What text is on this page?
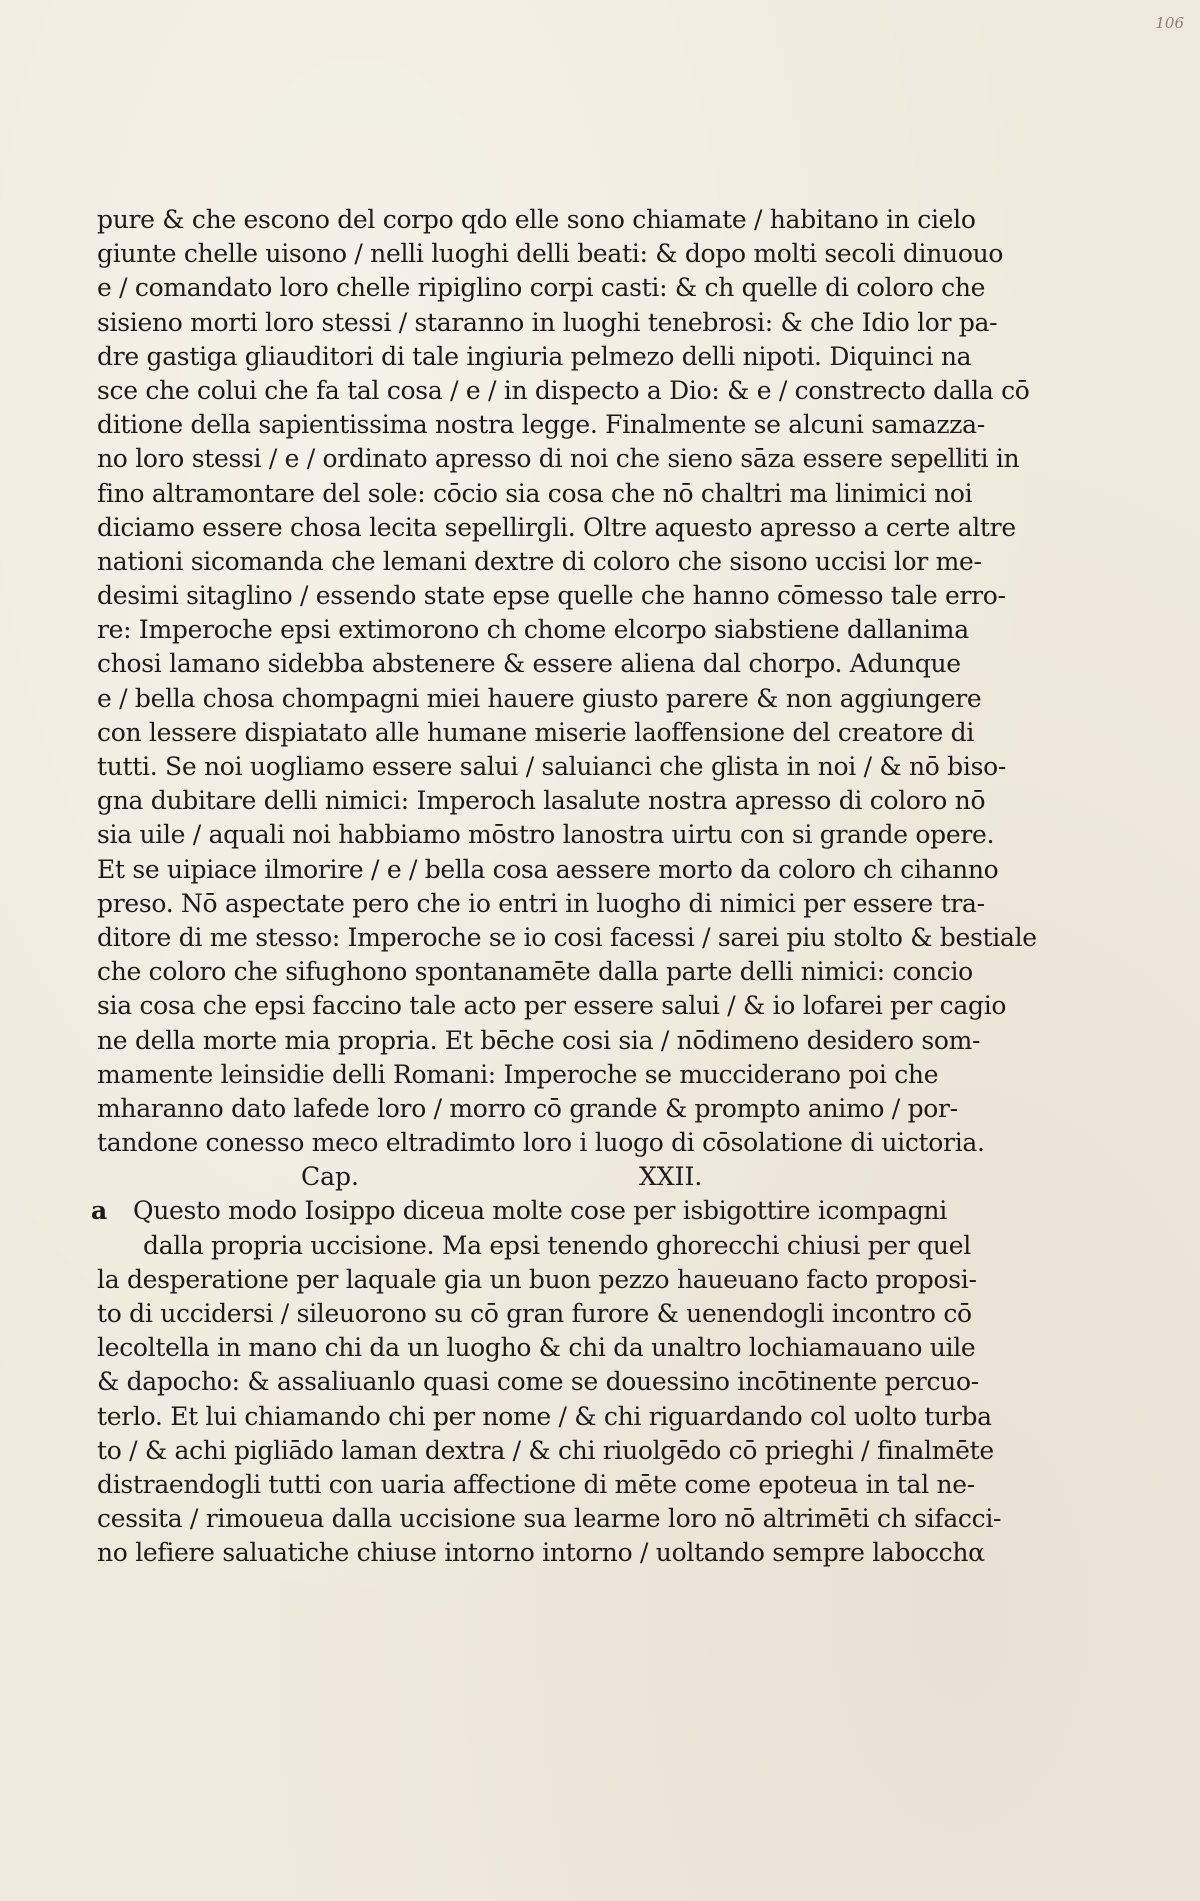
106
pure & che escono del corpo qdo elle sono chiamate / habitano in cielo
giunte chelle uisono / nelli luoghi delli beati: & dopo molti secoli dinuouo
e / comandato loro chelle ripiglino corpi casti: & ch quelle di coloro che
sisieno morti loro stessi / staranno in luoghi tenebrosi: & che Idio lor pa-
dre gastiga gliauditori di tale ingiuria pelmezo delli nipoti. Diquinci na
sce che colui che fa tal cosa / e / in dispecto a Dio: & e / constrecto dalla cō
ditione della sapientissima nostra legge. Finalmente se alcuni samazza-
no loro stessi / e / ordinato apresso di noi che sieno sāza essere sepelliti in
fino altramontare del sole: cōcio sia cosa che nō chaltri ma linimici noi
diciamo essere chosa lecita sepellirgli. Oltre aquesto apresso a certe altre
nationi sicomanda che lemani dextre di coloro che sisono uccisi lor me-
desimi sitaglino / essendo state epse quelle che hanno cōmesso tale erro-
re: Imperoche epsi extimorono ch chome elcorpo siabstiene dallanima
chosi lamano sidebba abstenere & essere aliena dal chorpo. Adunque
e / bella chosa chompagni miei hauere giusto parere & non aggiungere
con lessere dispiatato alle humane miserie laoffensione del creatore di
tutti. Se noi uogliamo essere salui / saluianci che glista in noi / & nō biso-
gna dubitare delli nimici: Imperoch lasalute nostra apresso di coloro nō
sia uile / aquali noi habbiamo mōstro lanostra uirtu con si grande opere.
Et se uipiace ilmorire / e / bella cosa aessere morto da coloro ch cihanno
preso. Nō aspectate pero che io entri in luogho di nimici per essere tra-
ditore di me stesso: Imperoche se io cosi facessi / sarei piu stolto & bestiale
che coloro che sifughono spontanamēte dalla parte delli nimici: concio
sia cosa che epsi faccino tale acto per essere salui / & io lofarei per cagio
ne della morte mia propria. Et bēche cosi sia / nōdimeno desidero som-
mamente leinsidie delli Romani: Imperoche se mucciderano poi che
mharanno dato lafede loro / morro cō grande & prompto animo / por-
tandone conesso meco eltradimto loro i luogo di cōsolatione di uictoria.
Cap.	XXII.
a Questo modo Iosippo diceua molte cose per isbigottire icompagni
dalla propria uccisione. Ma epsi tenendo ghorecchi chiusi per quel
la desperatione per laquale gia un buon pezzo haueuano facto proposi-
to di uccidersi / sileuorono su cō gran furore & uenendogli incontro cō
lecoltella in mano chi da un luogho & chi da unaltro lochiamauano uile
& dapocho: & assaliuanlo quasi come se douessino incōtinente percuo-
terlo. Et lui chiamando chi per nome / & chi riguardando col uolto turba
to / & achi pigliādo laman dextra / & chi riuolgēdo cō prieghi / finalmēte
distraendogli tutti con uaria affectione di mēte come epoteua in tal ne-
cessita / rimoueua dalla uccisione sua learme loro nō altrimēti ch sifacci-
no lefiere saluatiche chiuse intorno intorno / uoltando sempre labocchα
